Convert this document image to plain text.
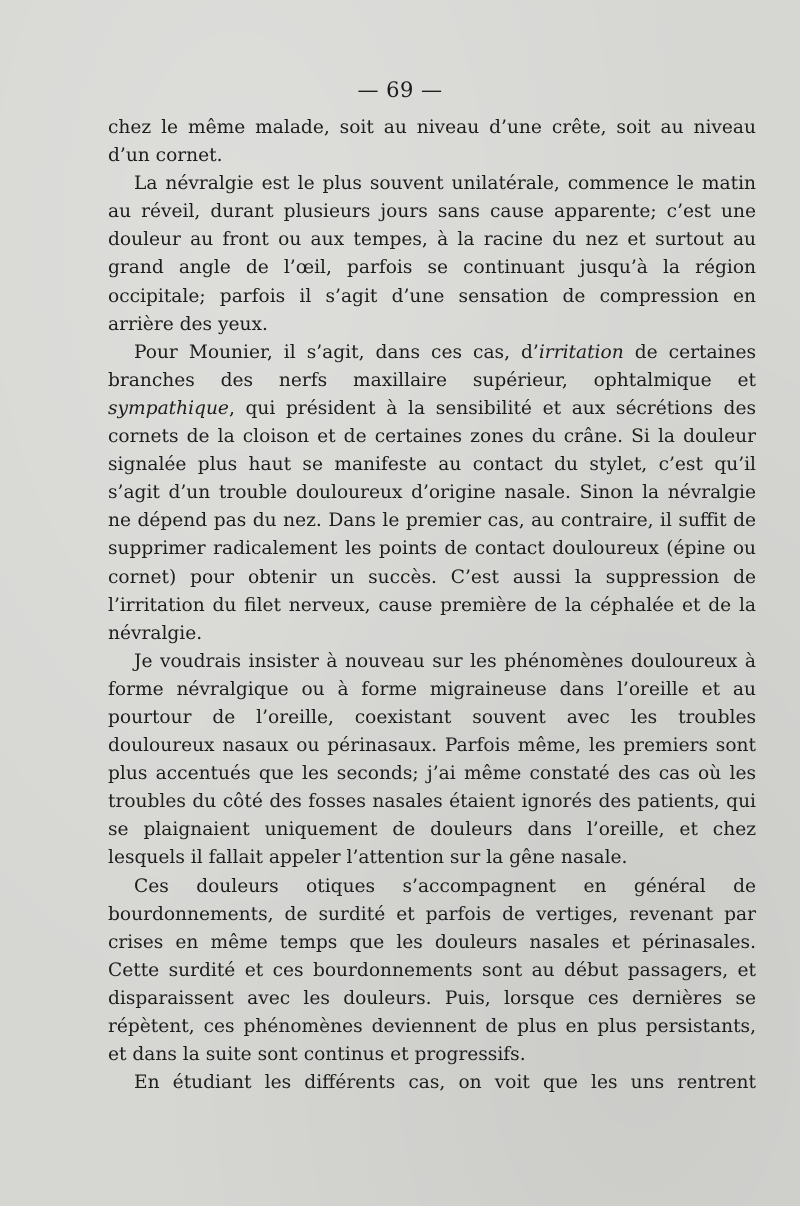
— 69 —
chez le même malade, soit au niveau d’une crête, soit au niveau d’un cornet.
La névralgie est le plus souvent unilatérale, commence le matin au réveil, durant plusieurs jours sans cause apparente; c’est une douleur au front ou aux tempes, à la racine du nez et surtout au grand angle de l’œil, parfois se continuant jusqu’à la région occipitale; parfois il s’agit d’une sensation de compression en arrière des yeux.
Pour Mounier, il s’agit, dans ces cas, d’irritation de certaines branches des nerfs maxillaire supérieur, ophtalmique et sympathique, qui président à la sensibilité et aux sécrétions des cornets de la cloison et de certaines zones du crâne. Si la douleur signalée plus haut se manifeste au contact du stylet, c’est qu’il s’agit d’un trouble douloureux d’origine nasale. Sinon la névralgie ne dépend pas du nez. Dans le premier cas, au contraire, il suffit de supprimer radicalement les points de contact douloureux (épine ou cornet) pour obtenir un succès. C’est aussi la suppression de l’irritation du filet nerveux, cause première de la céphalée et de la névralgie.
Je voudrais insister à nouveau sur les phénomènes douloureux à forme névralgique ou à forme migraineuse dans l’oreille et au pourtour de l’oreille, coexistant souvent avec les troubles douloureux nasaux ou périnasaux. Parfois même, les premiers sont plus accentués que les seconds; j’ai même constaté des cas où les troubles du côté des fosses nasales étaient ignorés des patients, qui se plaignaient uniquement de douleurs dans l’oreille, et chez lesquels il fallait appeler l’attention sur la gêne nasale.
Ces douleurs otiques s’accompagnent en général de bourdonnements, de surdité et parfois de vertiges, revenant par crises en même temps que les douleurs nasales et périnasales. Cette surdité et ces bourdonnements sont au début passagers, et disparaissent avec les douleurs. Puis, lorsque ces dernières se répètent, ces phénomènes deviennent de plus en plus persistants, et dans la suite sont continus et progressifs.
En étudiant les différents cas, on voit que les uns rentrent
